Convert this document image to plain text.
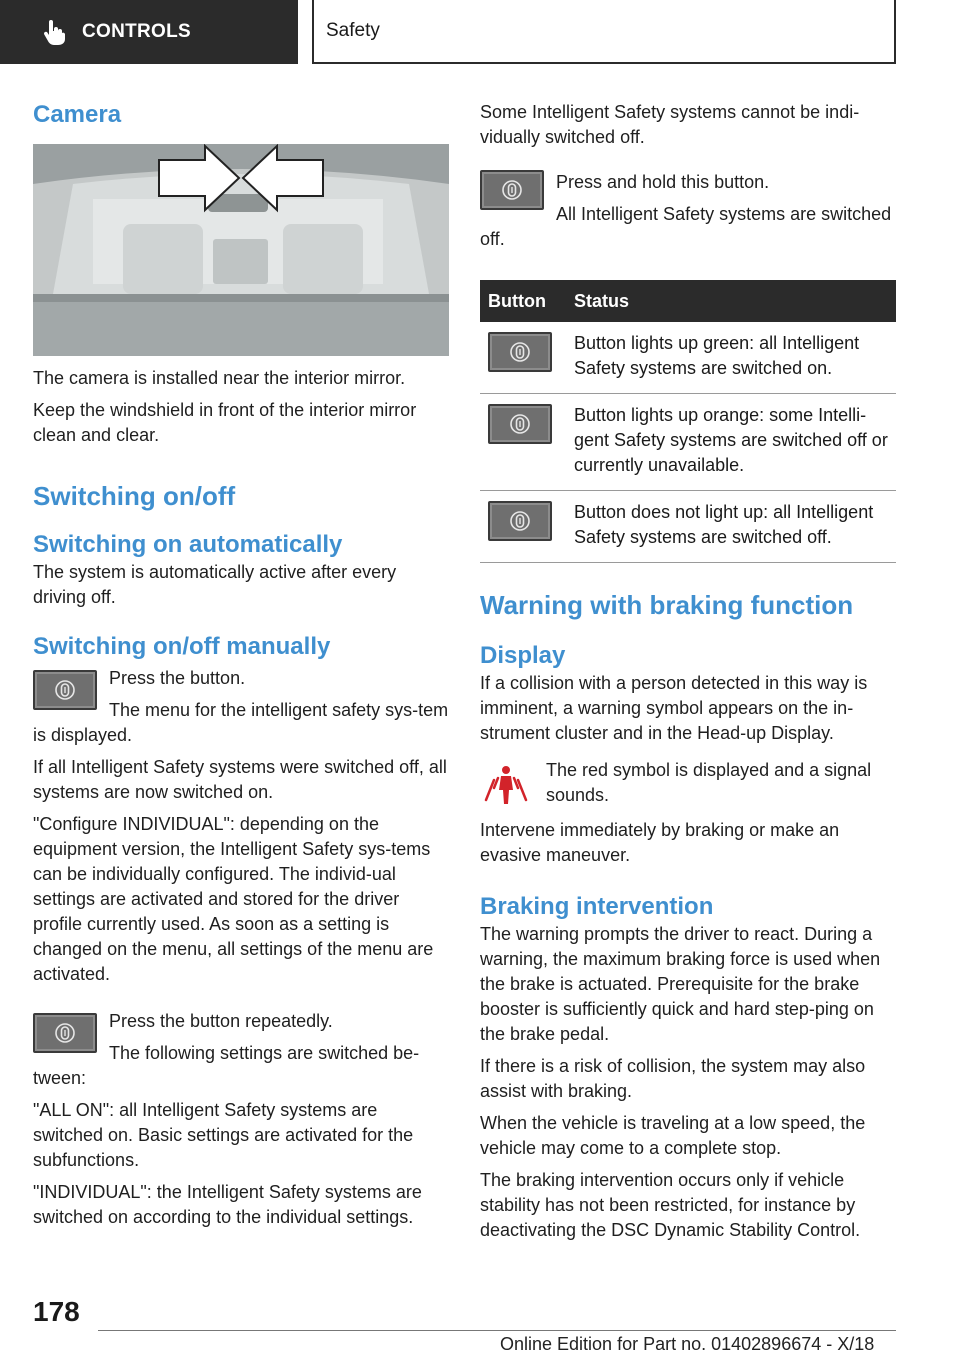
CONTROLS	Safety
Camera

The camera is installed near the interior mirror.

Keep the windshield in front of the interior mirror clean and clear.

Switching on/off
Switching on automatically

The system is automatically active after every driving off.

Switching on/off manually

Press the button.

The menu for the intelligent safety sys-tem is displayed.

If all Intelligent Safety systems were switched off, all systems are now switched on.

"Configure INDIVIDUAL": depending on the equipment version, the Intelligent Safety sys-tems can be individually configured. The individ-ual settings are activated and stored for the driver profile currently used. As soon as a setting is changed on the menu, all settings of the menu are activated.

Press the button repeatedly.

The following settings are switched be-tween:

"ALL ON": all Intelligent Safety systems are switched on. Basic settings are activated for the subfunctions.

"INDIVIDUAL": the Intelligent Safety systems are switched on according to the individual settings.

Some Intelligent Safety systems cannot be indi-vidually switched off.

Press and hold this button.

All Intelligent Safety systems are switched off.

Button	Status

	Button lights up green: all Intelligent Safety systems are switched on.

	Button lights up orange: some Intelli-gent Safety systems are switched off or currently unavailable.

	Button does not light up: all Intelligent Safety systems are switched off.
Warning with braking function
Display

If a collision with a person detected in this way is imminent, a warning symbol appears on the in-strument cluster and in the Head-up Display.

The red symbol is displayed and a signal sounds.

Intervene immediately by braking or make an evasive maneuver.

Braking intervention

The warning prompts the driver to react. During a warning, the maximum braking force is used when the brake is actuated. Prerequisite for the brake booster is sufficiently quick and hard step-ping on the brake pedal.

If there is a risk of collision, the system may also assist with braking.

When the vehicle is traveling at a low speed, the vehicle may come to a complete stop.

The braking intervention occurs only if vehicle stability has not been restricted, for instance by deactivating the DSC Dynamic Stability Control.

178
Online Edition for Part no. 01402896674 - X/18
